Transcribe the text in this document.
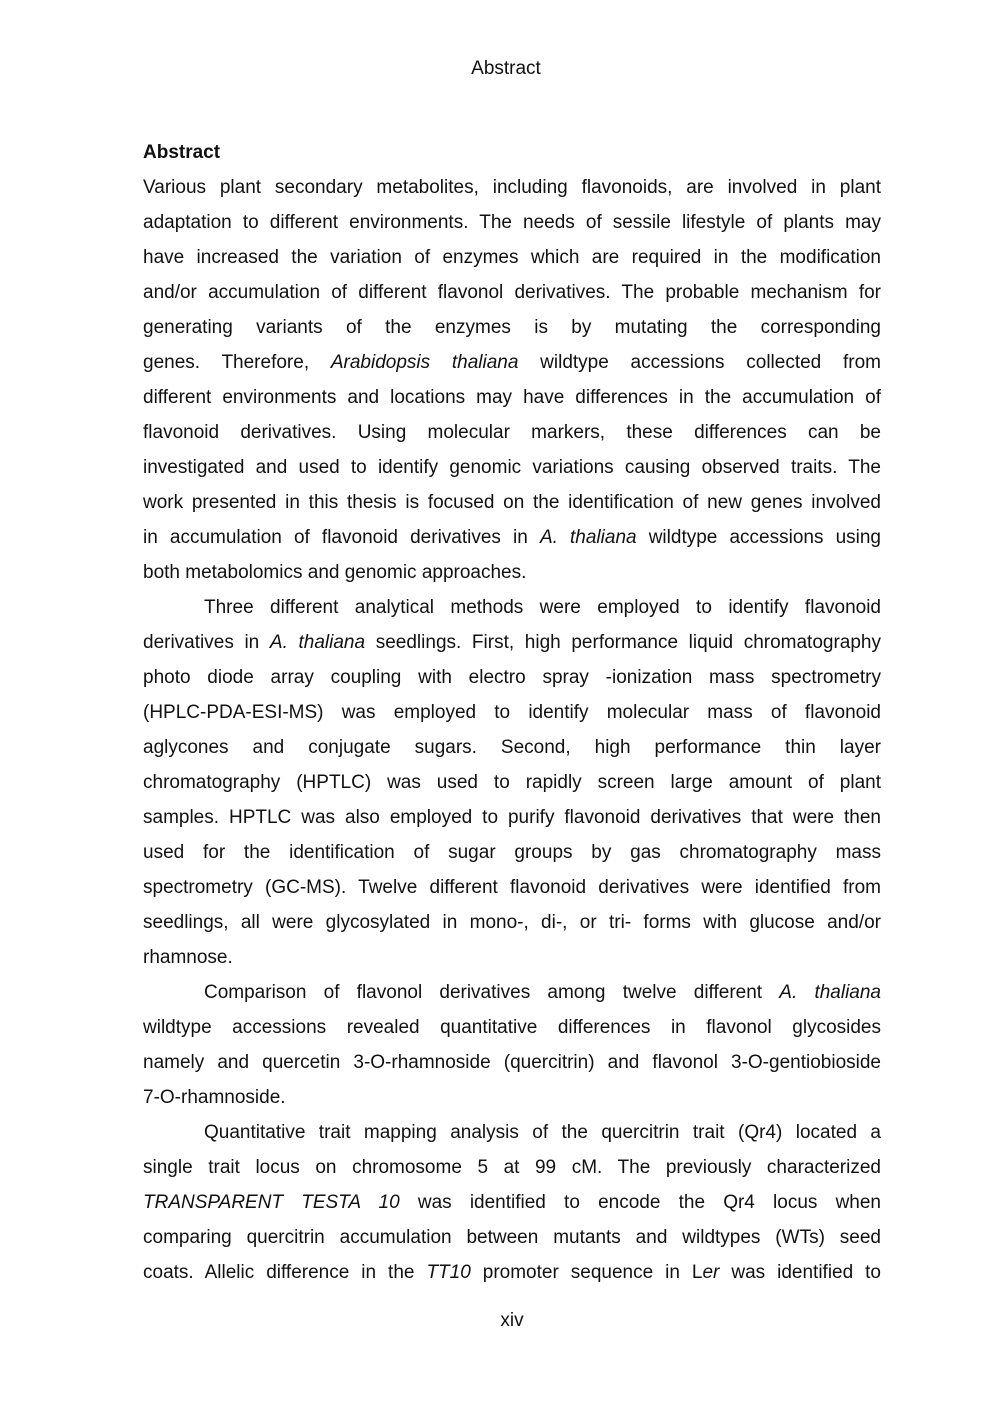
Abstract
Abstract
Various plant secondary metabolites, including flavonoids, are involved in plant
adaptation to different environments. The needs of sessile lifestyle of plants may
have increased the variation of enzymes which are required in the modification
and/or accumulation of different flavonol derivatives. The probable mechanism for
generating variants of the enzymes is by mutating the corresponding
genes. Therefore, Arabidopsis thaliana wildtype accessions collected from
different environments and locations may have differences in the accumulation of
flavonoid derivatives. Using molecular markers, these differences can be
investigated and used to identify genomic variations causing observed traits. The
work presented in this thesis is focused on the identification of new genes involved
in accumulation of flavonoid derivatives in A. thaliana wildtype accessions using
both metabolomics and genomic approaches.
Three different analytical methods were employed to identify flavonoid
derivatives in A. thaliana seedlings. First, high performance liquid chromatography
photo diode array coupling with electro spray -ionization mass spectrometry
(HPLC-PDA-ESI-MS) was employed to identify molecular mass of flavonoid
aglycones and conjugate sugars. Second, high performance thin layer
chromatography (HPTLC) was used to rapidly screen large amount of plant
samples. HPTLC was also employed to purify flavonoid derivatives that were then
used for the identification of sugar groups by gas chromatography mass
spectrometry (GC-MS). Twelve different flavonoid derivatives were identified from
seedlings, all were glycosylated in mono-, di-, or tri- forms with glucose and/or
rhamnose.
Comparison of flavonol derivatives among twelve different A. thaliana
wildtype accessions revealed quantitative differences in flavonol glycosides
namely and quercetin 3-O-rhamnoside (quercitrin) and flavonol 3-O-gentiobioside
7-O-rhamnoside.
Quantitative trait mapping analysis of the quercitrin trait (Qr4) located a
single trait locus on chromosome 5 at 99 cM. The previously characterized
TRANSPARENT TESTA 10 was identified to encode the Qr4 locus when
comparing quercitrin accumulation between mutants and wildtypes (WTs) seed
coats. Allelic difference in the TT10 promoter sequence in Ler was identified to
xiv
